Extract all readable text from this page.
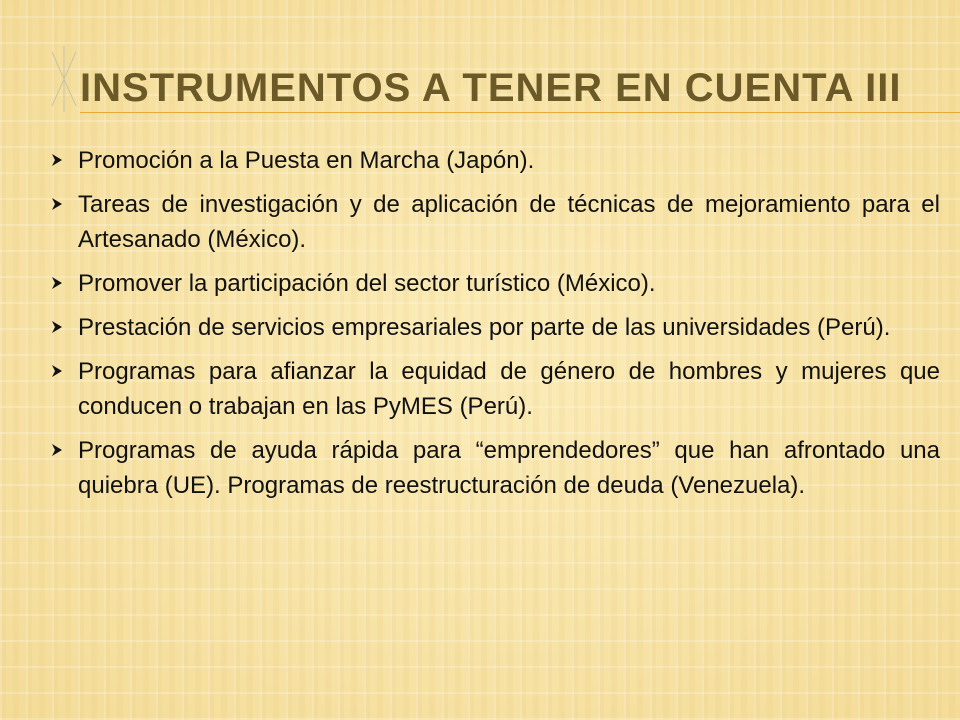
INSTRUMENTOS A TENER EN CUENTA III
Promoción a la Puesta en Marcha (Japón).
Tareas de investigación y de aplicación de técnicas de mejoramiento para el Artesanado (México).
Promover la participación del sector turístico (México).
Prestación de servicios empresariales por parte de las universidades (Perú).
Programas para afianzar la equidad de género de hombres y mujeres que conducen o trabajan en las PyMES (Perú).
Programas de ayuda rápida para “emprendedores” que han afrontado una quiebra (UE). Programas de reestructuración de deuda (Venezuela).
